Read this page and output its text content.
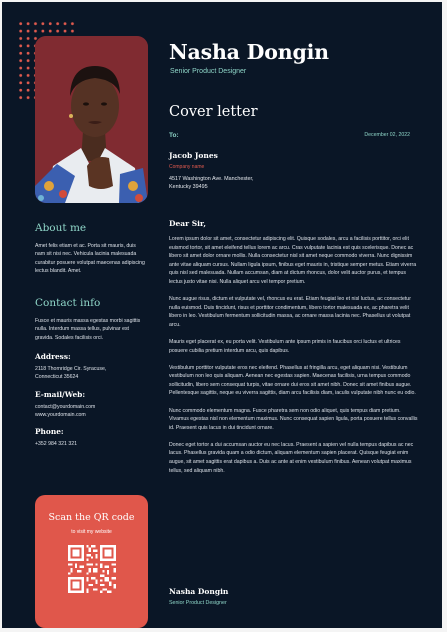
Nasha Dongin
Senior Product Designer
Cover letter
To:	December 02, 2022
Jacob Jones
Company name
4517 Washington Ave. Manchester,
Kentucky 39495
Dear Sir,

Lorem ipsum dolor sit amet, consectetur adipiscing elit. Quisque sodales, arcu a facilisis porttitor, orci elit euismod tortor, sit amet eleifend tellus lorem ac arcu. Cras vulputate lacinia est quis scelerisque. Donec ac libero sit amet dolor ornare mollis. Nulla consectetur nisl sit amet neque commodo viverra. Nunc dignissim ante vitae aliquam cursus. Nullam ligula ipsum, finibus eget mauris in, tristique semper metus. Etiam viverra quis nisl sed malesuada. Nullam accumsan, diam at dictum rhoncus, dolor velit auctor purus, et tempus lectus justo vitae nisi. Nulla aliquet arcu vel tempor pretium.

Nunc augue risus, dictum et vulputate vel, rhoncus eu erat. Etiam feugiat leo et nisl luctus, ac consectetur nulla euismod. Duis tincidunt, risus et porttitor condimentum, libero tortor malesuada ex, ac pharetra velit libero in leo. Vestibulum fermentum sollicitudin massa, ac ornare massa lacinia nec. Phasellus ut volutpat arcu.

Mauris eget placerat ex, eu porta velit. Vestibulum ante ipsum primis in faucibus orci luctus et ultrices posuere cubilia pretium interdum arcu, quis dapibus.

Vestibulum porttitor vulputate eros nec eleifend. Phasellus at fringilla arcu, eget aliquam nisi. Vestibulum vestibulum non leo quis aliquam. Aenean nec egestas sapien. Maecenas facilisis, urna tempus commodo sollicitudin, libero sem consequat turpis, vitae ornare dui eros sit amet nibh. Donec sit amet finibus augue. Pellentesque sagittis, neque eu viverra sagittis, diam arcu facilisis diam, iaculis vulputate nibh nunc eu odio.

Nunc commodo elementum magna. Fusce pharetra sem non odio aliquet, quis tempus diam pretium. Vivamus egestas nisl non elementum maximus. Nunc consequat sapien ligula, porta posuere tellus convallis id. Praesent quis lacus in dui tincidunt ornare.

Donec eget tortor a dui accumsan auctor eu nec lacus. Praesent a sapien vel nulla tempus dapibus ac nec lacus. Phasellus gravida quam a odio dictum, aliquam elementum sapien placerat. Quisque feugiat enim augue, sit amet sagittis erat dapibus a. Duis ac ante at enim vestibulum finibus. Aenean volutpat maximus tellus, sed aliquam nibh.

Nasha Dongin
Senior Product Designer
About me
Amet felis etiam et ac. Porta sit mauris, duis nam sit nisi nec. Vehicula lacinia malesuada curabitur posuere volutpat maecenas adipiscing lectus blandit. Amet.
Contact info
Fusce et mauris massa egestas morbi sagittis nulla. Interdum massa tellus, pulvinar est gravida. Sodales facilisis orci.
Address:
2118 Thornridge Cir. Syracuse,
Connecticut 35624
E-mail/Web:
contact@yourdomain.com
www.yourdomain.com
Phone:
+352 984 321 321
Scan the QR code
to visit my website
